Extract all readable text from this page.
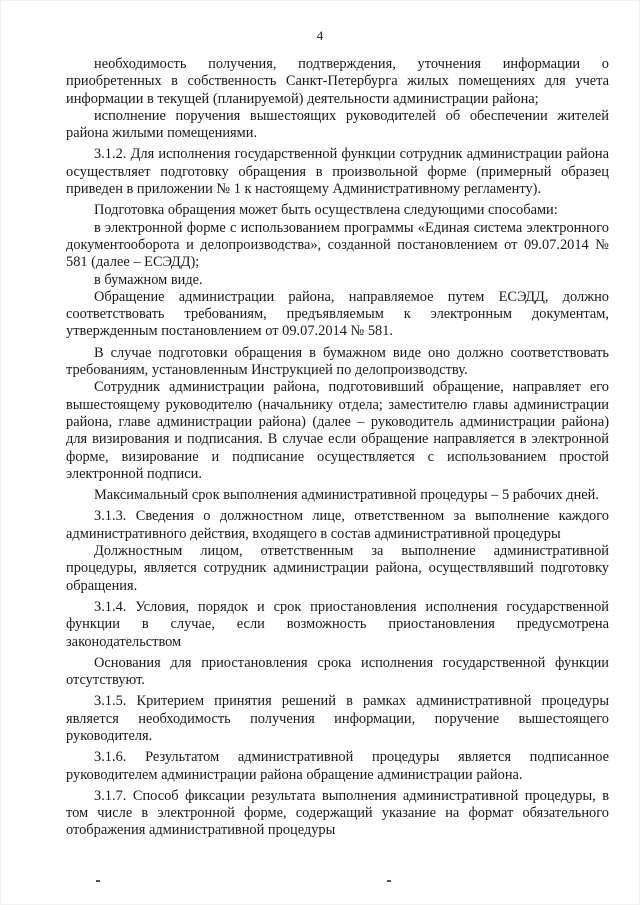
4

необходимость получения, подтверждения, уточнения информации о приобретенных в собственность Санкт-Петербурга жилых помещениях для учета информации в текущей (планируемой) деятельности администрации района;

исполнение поручения вышестоящих руководителей об обеспечении жителей района жилыми помещениями.

3.1.2. Для исполнения государственной функции сотрудник администрации района осуществляет подготовку обращения в произвольной форме (примерный образец приведен в приложении № 1 к настоящему Административному регламенту).

Подготовка обращения может быть осуществлена следующими способами:

в электронной форме с использованием программы «Единая система электронного документооборота и делопроизводства», созданной постановлением от 09.07.2014 № 581 (далее – ЕСЭДД);

в бумажном виде.

Обращение администрации района, направляемое путем ЕСЭДД, должно соответствовать требованиям, предъявляемым к электронным документам, утвержденным постановлением от 09.07.2014 № 581.

В случае подготовки обращения в бумажном виде оно должно соответствовать требованиям, установленным Инструкцией по делопроизводству.

Сотрудник администрации района, подготовивший обращение, направляет его вышестоящему руководителю (начальнику отдела; заместителю главы администрации района, главе администрации района) (далее – руководитель администрации района) для визирования и подписания. В случае если обращение направляется в электронной форме, визирование и подписание осуществляется с использованием простой электронной подписи.

Максимальный срок выполнения административной процедуры – 5 рабочих дней.

3.1.3. Сведения о должностном лице, ответственном за выполнение каждого административного действия, входящего в состав административной процедуры

Должностным лицом, ответственным за выполнение административной процедуры, является сотрудник администрации района, осуществлявший подготовку обращения.

3.1.4. Условия, порядок и срок приостановления исполнения государственной функции в случае, если возможность приостановления предусмотрена законодательством

Основания для приостановления срока исполнения государственной функции отсутствуют.

3.1.5. Критерием принятия решений в рамках административной процедуры является необходимость получения информации, поручение вышестоящего руководителя.

3.1.6. Результатом административной процедуры является подписанное руководителем администрации района обращение администрации района.

3.1.7. Способ фиксации результата выполнения административной процедуры, в том числе в электронной форме, содержащий указание на формат обязательного отображения административной процедуры
